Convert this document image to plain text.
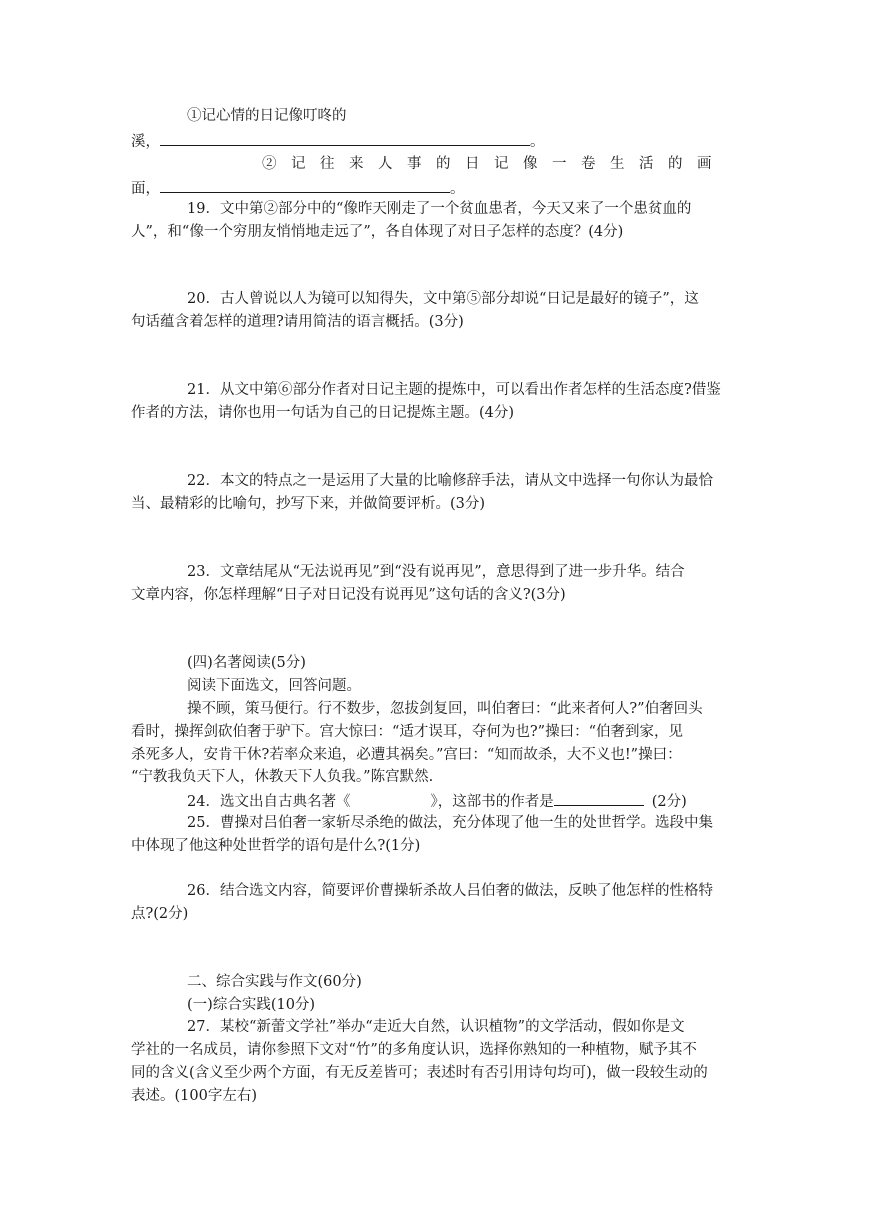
①记心情的日记像叮咚的
溪，	。
②　记　往　来　人　事　的　日　记　像　一　卷　生　活　的　画
面，	。
19．文中第②部分中的“像昨天刚走了一个贫血患者，今天又来了一个患贫血的
人”，和“像一个穷朋友悄悄地走远了”，各自体现了对日子怎样的态度？(4分)
20．古人曾说以人为镜可以知得失，文中第⑤部分却说“日记是最好的镜子”，这
句话蕴含着怎样的道理?请用简洁的语言概括。(3分)
21．从文中第⑥部分作者对日记主题的提炼中，可以看出作者怎样的生活态度?借鉴
作者的方法，请你也用一句话为自己的日记提炼主题。(4分)
22．本文的特点之一是运用了大量的比喻修辞手法，请从文中选择一句你认为最恰
当、最精彩的比喻句，抄写下来，并做简要评析。(3分)
23．文章结尾从“无法说再见”到“没有说再见”，意思得到了进一步升华。结合
文章内容，你怎样理解“日子对日记没有说再见”这句话的含义?(3分)
(四)名著阅读(5分)
阅读下面选文，回答问题。
操不顾，策马便行。行不数步，忽拔剑复回，叫伯奢曰：“此来者何人?”伯奢回头
看时，操挥剑砍伯奢于驴下。宫大惊曰：“适才误耳，夺何为也?”操曰：“伯奢到家，见
杀死多人，安肯干休?若率众来追，必遭其祸矣。”宫曰：“知而故杀，大不义也!”操曰：
“宁教我负天下人，休教天下人负我。”陈宫默然.
24．选文出自古典名著《	》，这部书的作者是	(2分)
25．曹操对吕伯奢一家斩尽杀绝的做法，充分体现了他一生的处世哲学。选段中集
中体现了他这种处世哲学的语句是什么?(1分)
26．结合选文内容，简要评价曹操斩杀故人吕伯奢的做法，反映了他怎样的性格特
点?(2分)
二、综合实践与作文(60分)
(一)综合实践(10分)
27．某校“新蕾文学社”举办“走近大自然，认识植物”的文学活动，假如你是文
学社的一名成员，请你参照下文对“竹”的多角度认识，选择你熟知的一种植物，赋予其不
同的含义(含义至少两个方面，有无反差皆可；表述时有否引用诗句均可)，做一段较生动的
表述。(100字左右)
